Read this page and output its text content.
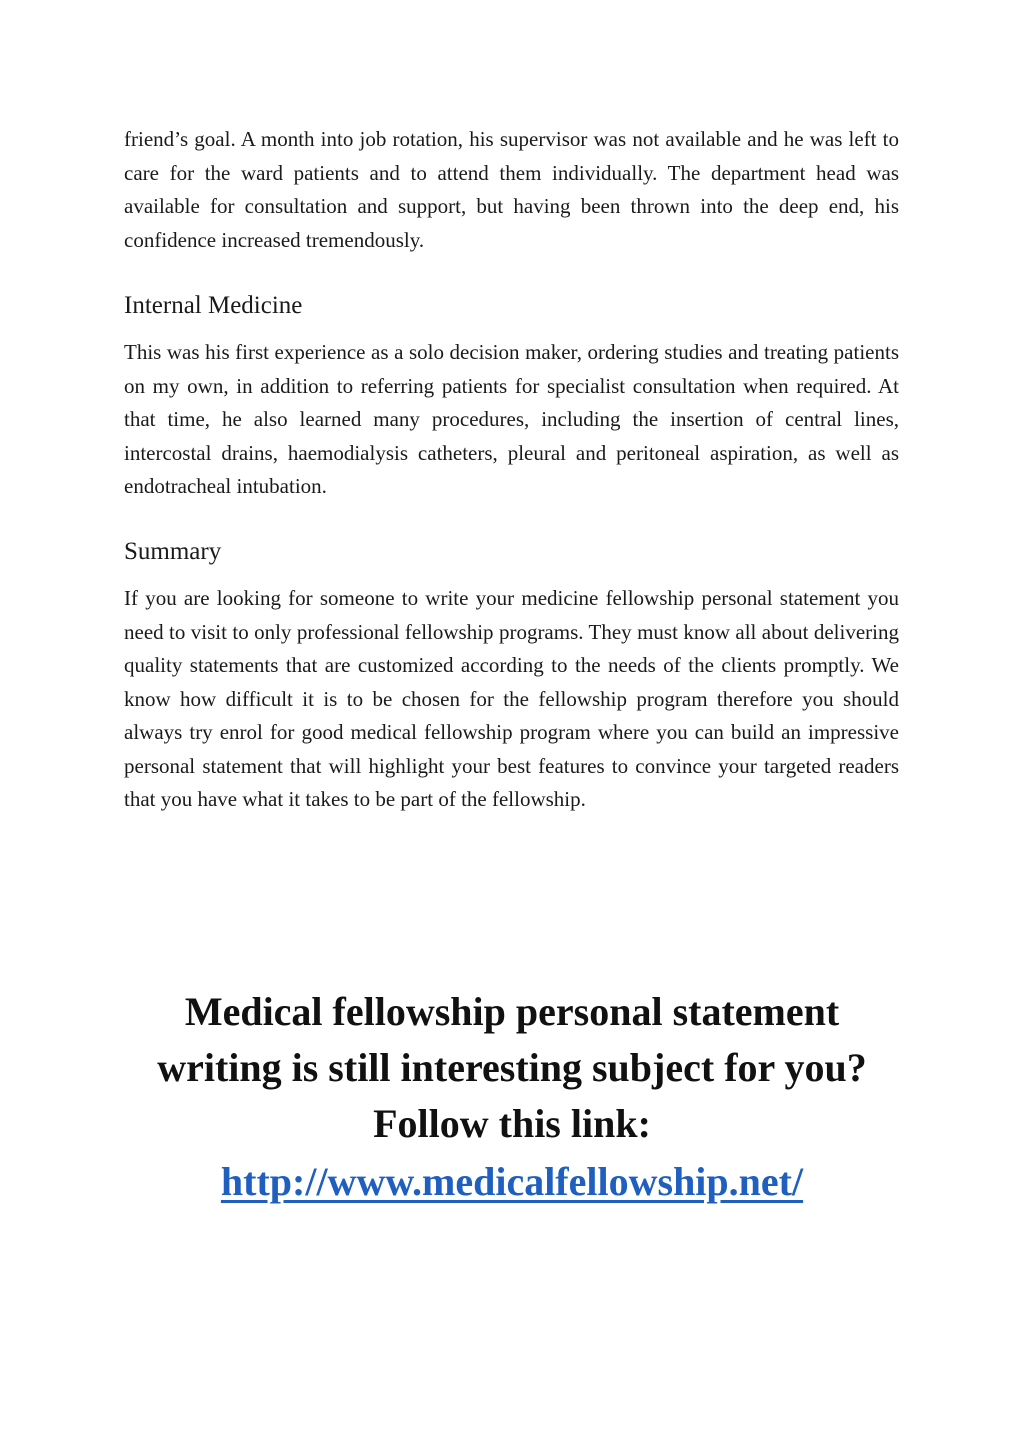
friend’s goal. A month into job rotation, his supervisor was not available and he was left to care for the ward patients and to attend them individually. The department head was available for consultation and support, but having been thrown into the deep end, his confidence increased tremendously.

Internal Medicine

This was his first experience as a solo decision maker, ordering studies and treating patients on my own, in addition to referring patients for specialist consultation when required. At that time, he also learned many procedures, including the insertion of central lines, intercostal drains, haemodialysis catheters, pleural and peritoneal aspiration, as well as endotracheal intubation.

Summary

If you are looking for someone to write your medicine fellowship personal statement you need to visit to only professional fellowship programs. They must know all about delivering quality statements that are customized according to the needs of the clients promptly. We know how difficult it is to be chosen for the fellowship program therefore you should always try enrol for good medical fellowship program where you can build an impressive personal statement that will highlight your best features to convince your targeted readers that you have what it takes to be part of the fellowship.

Medical fellowship personal statement
writing is still interesting subject for you?
Follow this link:
http://www.medicalfellowship.net/
